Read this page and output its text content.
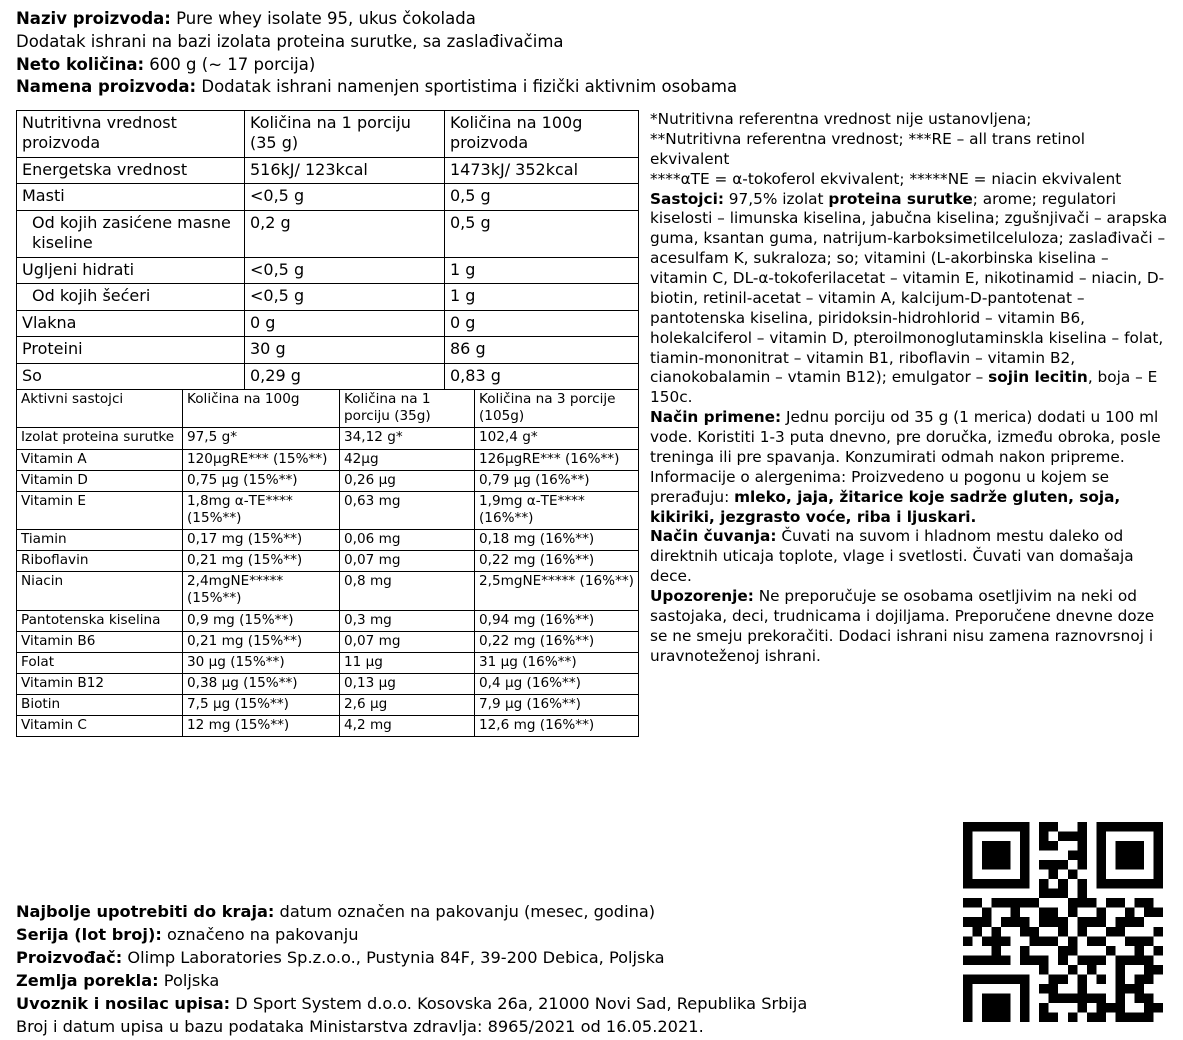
Naziv proizvoda: Pure whey isolate 95, ukus čokolada
Dodatak ishrani na bazi izolata proteina surutke, sa zaslađivačima
Neto količina: 600 g (~ 17 porcija)
Namena proizvoda: Dodatak ishrani namenjen sportistima i fizički aktivnim osobama
Nutritivna vrednost proizvoda	Količina na 1 porciju (35 g)	Količina na 100g proizvoda
Energetska vrednost	516kJ/ 123kcal	1473kJ/ 352kcal
Masti	<0,5 g	0,5 g
Od kojih zasićene masne kiseline	0,2 g	0,5 g
Ugljeni hidrati	<0,5 g	1 g
Od kojih šećeri	<0,5 g	1 g
Vlakna	0 g	0 g
Proteini	30 g	86 g
So	0,29 g	0,83 g
Aktivni sastojci	Količina na 100g	Količina na 1 porciju (35g)	Količina na 3 porcije (105g)
Izolat proteina surutke	97,5 g*	34,12 g*	102,4 g*
Vitamin A	120µgRE*** (15%**)	42µg	126µgRE*** (16%**)
Vitamin D	0,75 µg (15%**)	0,26 µg	0,79 µg (16%**)
Vitamin E	1,8mg α-TE**** (15%**)	0,63 mg	1,9mg α-TE**** (16%**)
Tiamin	0,17 mg (15%**)	0,06 mg	0,18 mg (16%**)
Riboflavin	0,21 mg (15%**)	0,07 mg	0,22 mg (16%**)
Niacin	2,4mgNE***** (15%**)	0,8 mg	2,5mgNE***** (16%**)
Pantotenska kiselina	0,9 mg (15%**)	0,3 mg	0,94 mg (16%**)
Vitamin B6	0,21 mg (15%**)	0,07 mg	0,22 mg (16%**)
Folat	30 µg (15%**)	11 µg	31 µg (16%**)
Vitamin B12	0,38 µg (15%**)	0,13 µg	0,4 µg (16%**)
Biotin	7,5 µg (15%**)	2,6 µg	7,9 µg (16%**)
Vitamin C	12 mg (15%**)	4,2 mg	12,6 mg (16%**)

*Nutritivna referentna vrednost nije ustanovljena;

**Nutritivna referentna vrednost; ***RE – all trans retinol ekvivalent

****αTE = α-tokoferol ekvivalent; *****NE = niacin ekvivalent

Sastojci: 97,5% izolat proteina surutke; arome; regulatori kiselosti – limunska kiselina, jabučna kiselina; zgušnjivači – arapska guma, ksantan guma, natrijum-karboksimetilceluloza; zaslađivači – acesulfam K, sukraloza; so; vitamini (L-akorbinska kiselina – vitamin C, DL-α-tokoferilacetat – vitamin E, nikotinamid – niacin, D-biotin, retinil-acetat – vitamin A, kalcijum-D-pantotenat – pantotenska kiselina, piridoksin-hidrohlorid – vitamin B6, holekalciferol – vitamin D, pteroilmonoglutaminskla kiselina – folat, tiamin-mononitrat – vitamin B1, riboflavin – vitamin B2, cianokobalamin – vtamin B12); emulgator – sojin lecitin, boja – E 150c.

Način primene: Jednu porciju od 35 g (1 merica) dodati u 100 ml vode. Koristiti 1-3 puta dnevno, pre doručka, između obroka, posle treninga ili pre spavanja. Konzumirati odmah nakon pripreme.

Informacije o alergenima: Proizvedeno u pogonu u kojem se prerađuju: mleko, jaja, žitarice koje sadrže gluten, soja, kikiriki, jezgrasto voće, riba i ljuskari.

Način čuvanja: Čuvati na suvom i hladnom mestu daleko od direktnih uticaja toplote, vlage i svetlosti. Čuvati van domašaja dece.

Upozorenje: Ne preporučuje se osobama osetljivim na neki od sastojaka, deci, trudnicama i dojiljama. Preporučene dnevne doze se ne smeju prekoračiti. Dodaci ishrani nisu zamena raznovrsnoj i uravnoteženoj ishrani.

Najbolje upotrebiti do kraja: datum označen na pakovanju (mesec, godina)
Serija (lot broj): označeno na pakovanju
Proizvođač: Olimp Laboratories Sp.z.o.o., Pustynia 84F, 39-200 Debica, Poljska
Zemlja porekla: Poljska
Uvoznik i nosilac upisa: D Sport System d.o.o. Kosovska 26a, 21000 Novi Sad, Republika Srbija
Broj i datum upisa u bazu podataka Ministarstva zdravlja: 8965/2021 od 16.05.2021.
